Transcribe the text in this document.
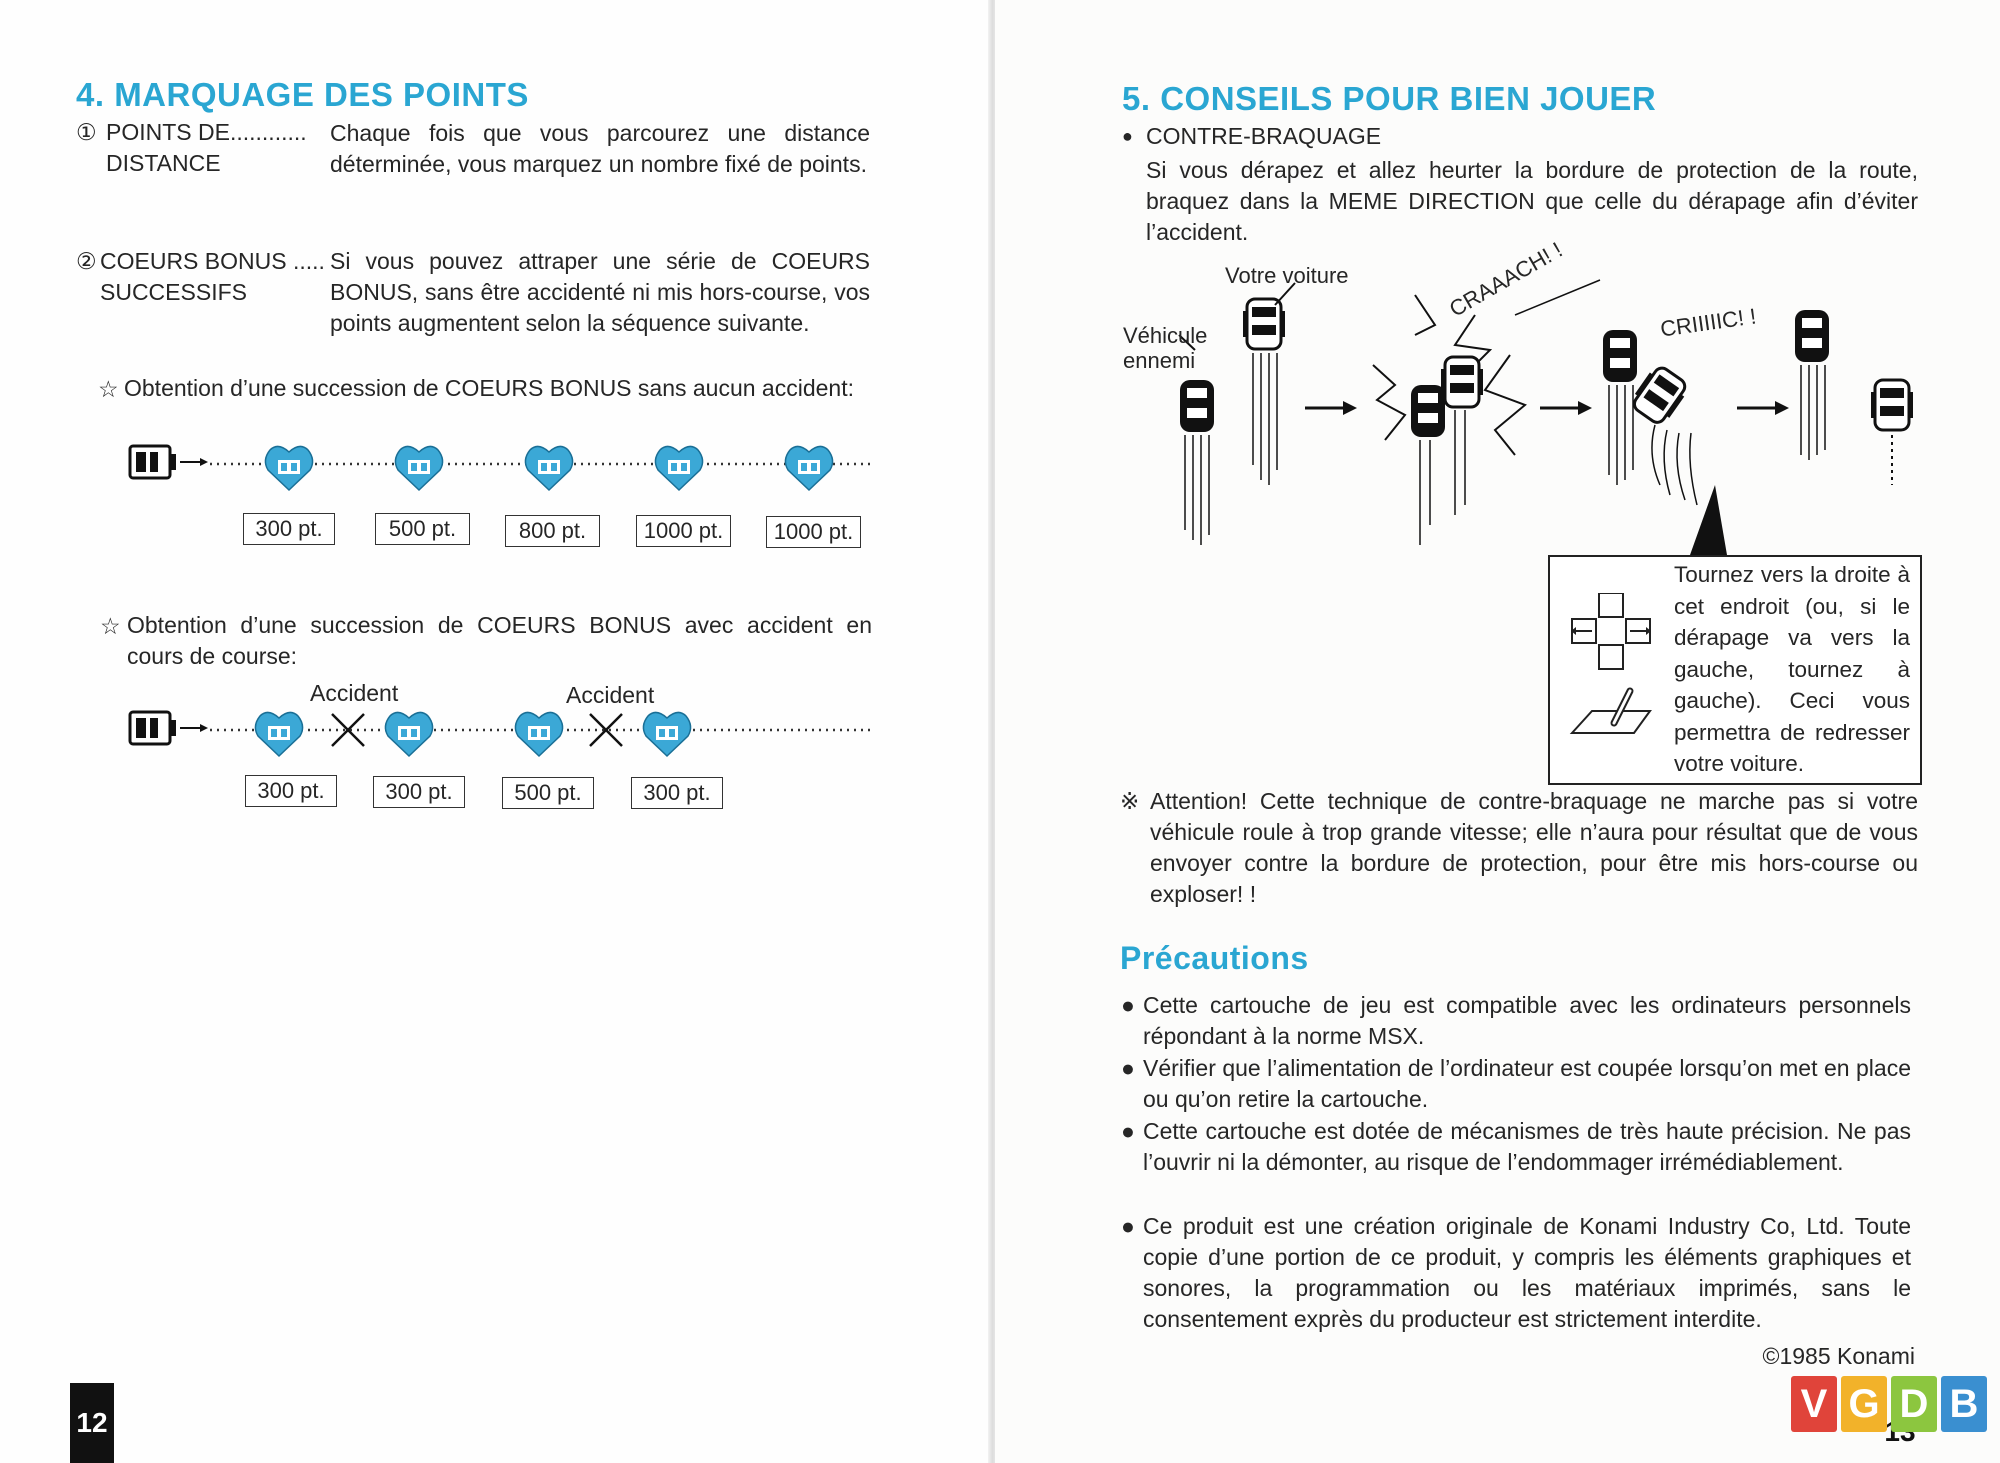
4. MARQUAGE DES POINTS
① POINTS DE............
DISTANCE
Chaque fois que vous parcourez une distance déterminée, vous marquez un nombre fixé de points.
② COEURS BONUS .....
SUCCESSIFS
Si vous pouvez attraper une série de COEURS BONUS, sans être accidenté ni mis hors-course, vos points augmentent selon la séquence suivante.
☆ Obtention d’une succession de COEURS BONUS sans aucun accident:
300 pt.	500 pt.	800 pt.	1000 pt.	1000 pt.
☆ Obtention d’une succession de COEURS BONUS avec accident en cours de course:
Accident	Accident
300 pt.	300 pt.	500 pt.	300 pt.
12
5. CONSEILS POUR BIEN JOUER
● CONTRE-BRAQUAGE
Si vous dérapez et allez heurter la bordure de protection de la route, braquez dans la MEME DIRECTION que celle du dérapage afin d’éviter l’accident.
Votre voiture
Véhicule
ennemi
CRAAACH! !
CRIIIIIC! !
Tournez vers la droite à cet endroit (ou, si le dérapage va vers la gauche, tournez à gauche). Ceci vous permettra de redresser votre voiture.
※ Attention! Cette technique de contre-braquage ne marche pas si votre véhicule roule à trop grande vitesse; elle n’aura pour résultat que de vous envoyer contre la bordure de protection, pour être mis hors-course ou exploser! !
Précautions
● Cette cartouche de jeu est compatible avec les ordinateurs personnels répondant à la norme MSX.
● Vérifier que l’alimentation de l’ordinateur est coupée lorsqu’on met en place ou qu’on retire la cartouche.
● Cette cartouche est dotée de mécanismes de très haute précision. Ne pas l’ouvrir ni la démonter, au risque de l’endommager irrémédiablement.
● Ce produit est une création originale de Konami Industry Co, Ltd. Toute copie d’une portion de ce produit, y compris les éléments graphiques et sonores, la programmation ou les matériaux imprimés, sans le consentement exprès du producteur est strictement interdite.
©1985 Konami
V G D B
